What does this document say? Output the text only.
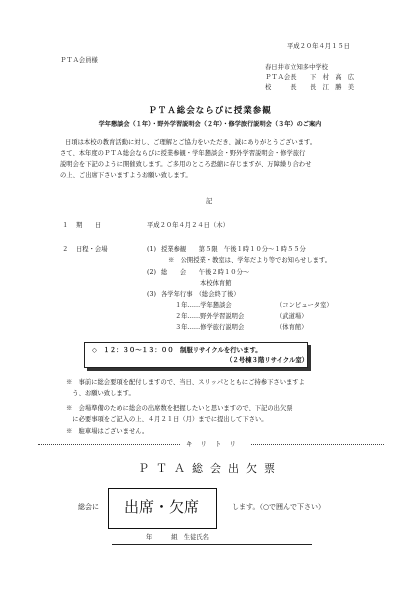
平成２０年４月１５日
ＰＴＡ会員様
春日井市立知多中学校
ＰＴＡ会長 下　村　高　広
校　　　長 長　江　勝　美
ＰＴＡ総会ならびに授業参観
学年懇談会（１年）・野外学習説明会（２年）・修学旅行説明会（３年）のご案内
日頃は本校の教育活動に対し、ご理解とご協力をいただき、誠にありがとうございます。
さて、本年度のＰＴＡ総会ならびに授業参観・学年懇談会・野外学習説明会・修学旅行
説明会を下記のように開催致します。ご多用のところ恐縮に存じますが、万障繰り合わせ
の上、ご出席下さいますようお願い致します。
記
１ 期　　日	平成２０年４月２４日（木）
２ 日程・会場	(1) 授業参観　　第５限　午後１時１０分～１時５５分
※　公開授業・教室は、学年だより等でお知らせします。
(2) 総　　会　　午後２時１０分～
本校体育館
(3) 各学年行事　（総会終了後）
１年……学年懇談会	（コンピュータ室）
２年……野外学習説明会	（武道場）
３年……修学旅行説明会	（体育館）
◇　１２：３０～１３：００　制服リサイクルを行います。
（２号棟３階リサイクル室）
※　事前に総会要項を配付しますので、当日、スリッパとともにご持参下さいますよ
　う、お願い致します。
※　会場準備のために総会の出席数を把握したいと思いますので、下記の出欠票
　に必要事項をご記入の上、４月２１日（月）までに提出して下さい。
※　駐車場はございません。
キリトリ
ＰＴＡ総会出欠票
総会に	出席・欠席	します。（○で囲んで下さい）
年　　　組　生徒氏名
